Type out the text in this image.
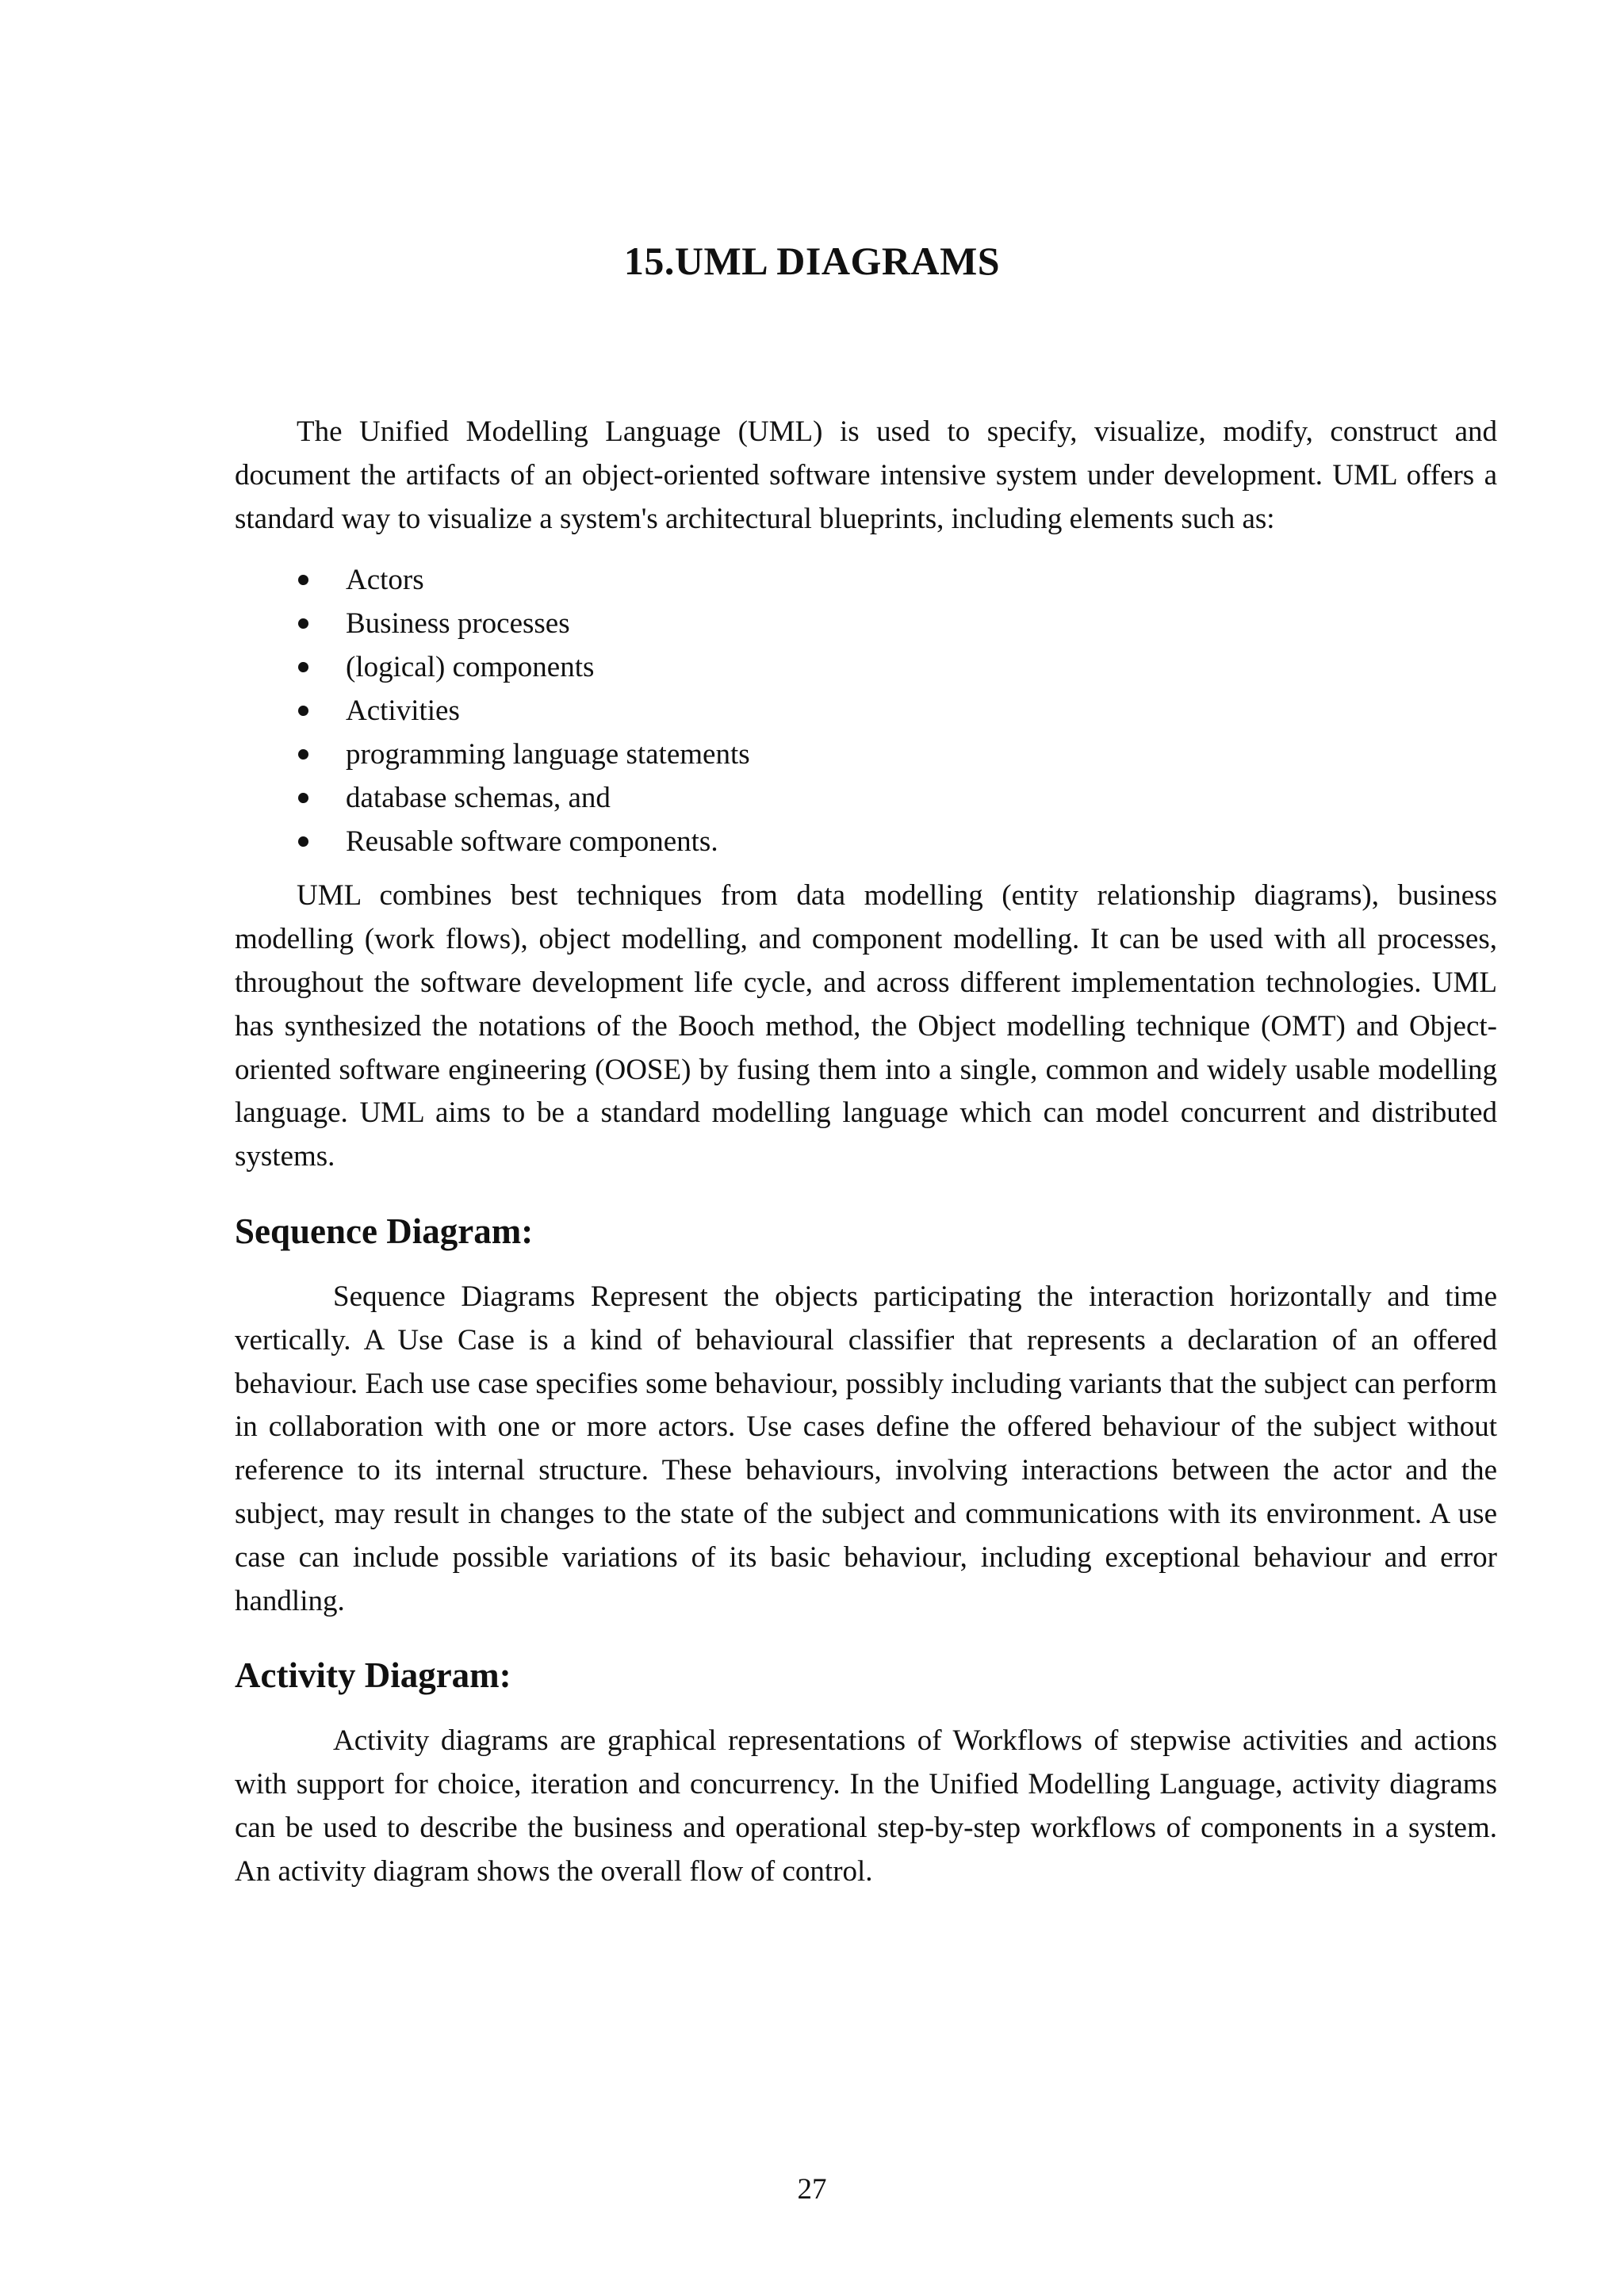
15.UML DIAGRAMS

The Unified Modelling Language (UML) is used to specify, visualize, modify, construct and document the artifacts of an object-oriented software intensive system under development. UML offers a standard way to visualize a system's architectural blueprints, including elements such as:

Actors
Business processes
(logical) components
Activities
programming language statements
database schemas, and
Reusable software components.

UML combines best techniques from data modelling (entity relationship diagrams), business modelling (work flows), object modelling, and component modelling. It can be used with all processes, throughout the software development life cycle, and across different implementation technologies. UML has synthesized the notations of the Booch method, the Object modelling technique (OMT) and Object-oriented software engineering (OOSE) by fusing them into a single, common and widely usable modelling language. UML aims to be a standard modelling language which can model concurrent and distributed systems.

Sequence Diagram:

Sequence Diagrams Represent the objects participating the interaction horizontally and time vertically. A Use Case is a kind of behavioural classifier that represents a declaration of an offered behaviour. Each use case specifies some behaviour, possibly including variants that the subject can perform in collaboration with one or more actors. Use cases define the offered behaviour of the subject without reference to its internal structure. These behaviours, involving interactions between the actor and the subject, may result in changes to the state of the subject and communications with its environment. A use case can include possible variations of its basic behaviour, including exceptional behaviour and error handling.

Activity Diagram:

Activity diagrams are graphical representations of Workflows of stepwise activities and actions with support for choice, iteration and concurrency. In the Unified Modelling Language, activity diagrams can be used to describe the business and operational step-by-step workflows of components in a system. An activity diagram shows the overall flow of control.

27
